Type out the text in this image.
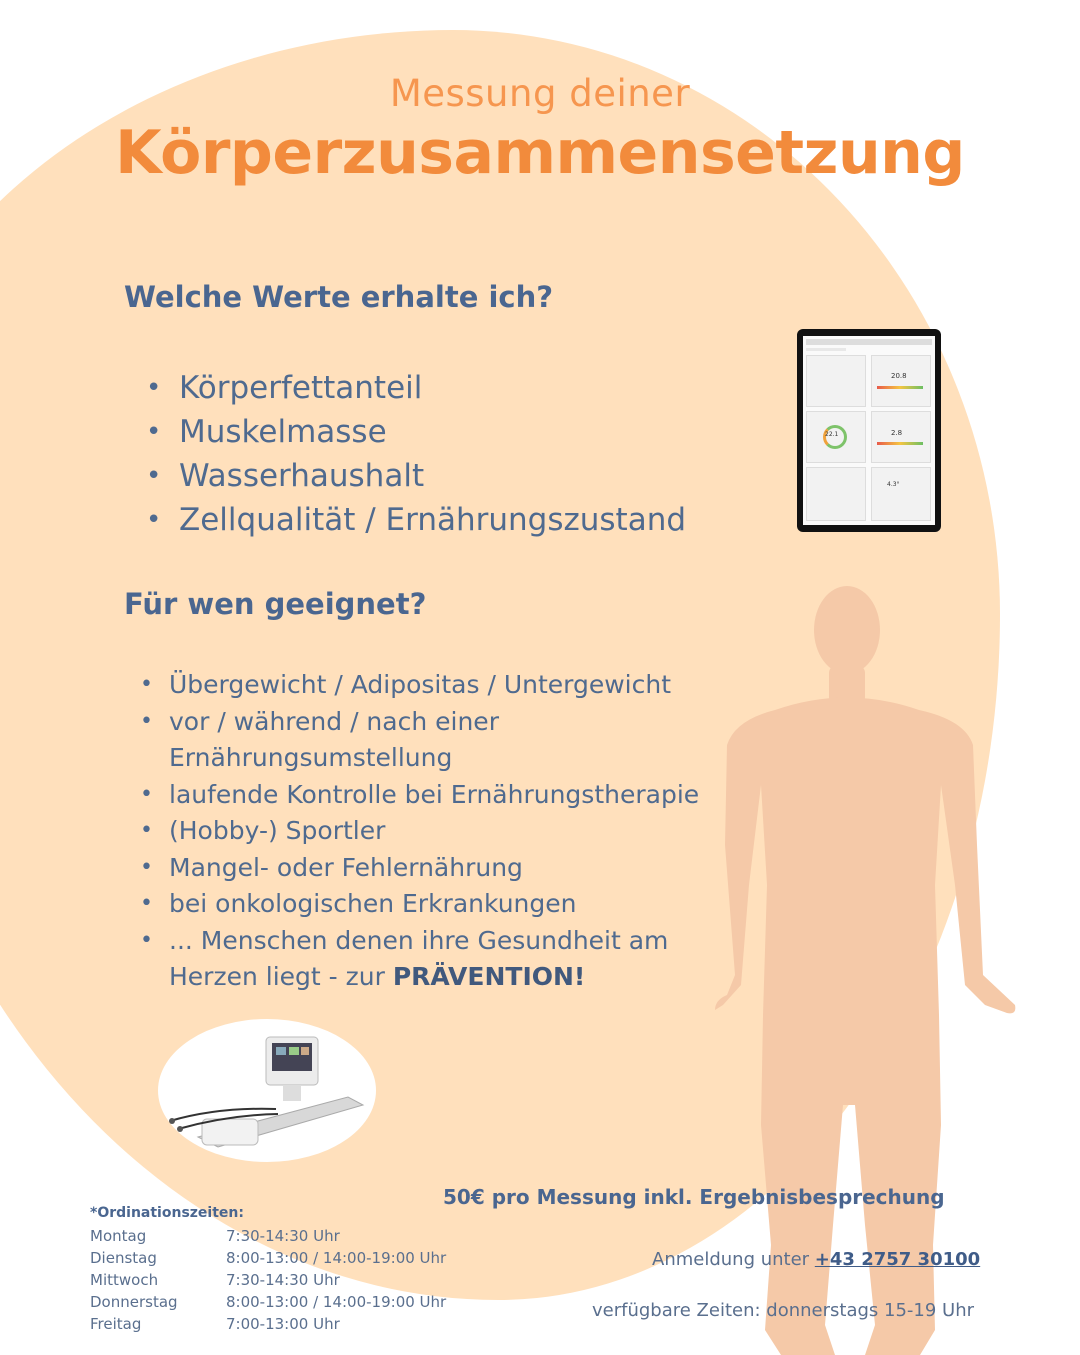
Messung deiner
Körperzusammensetzung
Welche Werte erhalte ich?
• Körperfettanteil
• Muskelmasse
• Wasserhaushalt
• Zellqualität / Ernährungszustand
20.8
22.1	2.8
4.3°
Für wen geeignet?
• Übergewicht / Adipositas / Untergewicht
• vor / während / nach einer Ernährungsumstellung
• laufende Kontrolle bei Ernährungstherapie
• (Hobby-) Sportler
• Mangel- oder Fehlernährung
• bei onkologischen Erkrankungen
• ... Menschen denen ihre Gesundheit am Herzen liegt - zur PRÄVENTION!
*Ordinationszeiten:
Montag	7:30-14:30 Uhr
Dienstag	8:00-13:00 / 14:00-19:00 Uhr
Mittwoch	7:30-14:30 Uhr
Donnerstag	8:00-13:00 / 14:00-19:00 Uhr
Freitag	7:00-13:00 Uhr
50€ pro Messung inkl. Ergebnisbesprechung
Anmeldung unter +43 2757 30100
verfügbare Zeiten: donnerstags 15-19 Uhr
